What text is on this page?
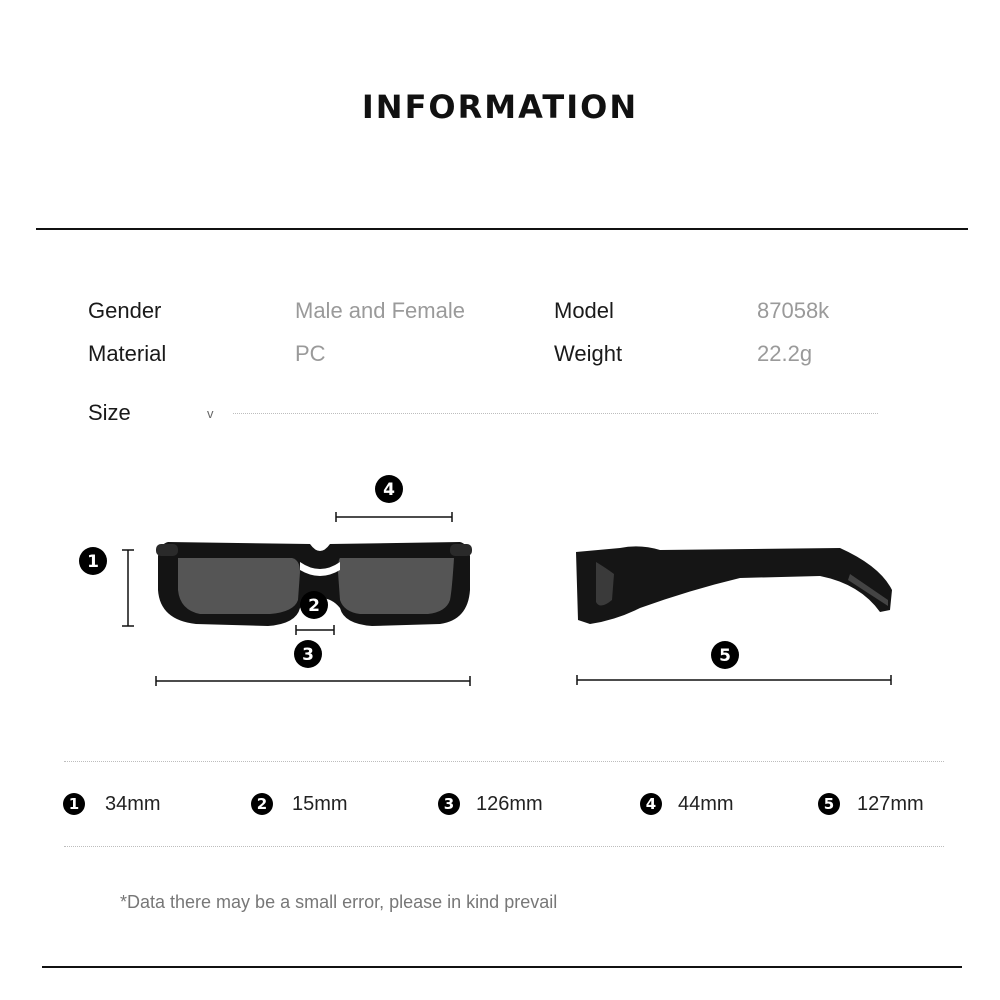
INFORMATION
Gender	Male and Female	Model	87058k
Material	PC	Weight	22.2g
Size	v
1
2
3
4
5
1 34mm	2 15mm	3 126mm	4 44mm	5 127mm
*Data there may be a small error, please in kind prevail
